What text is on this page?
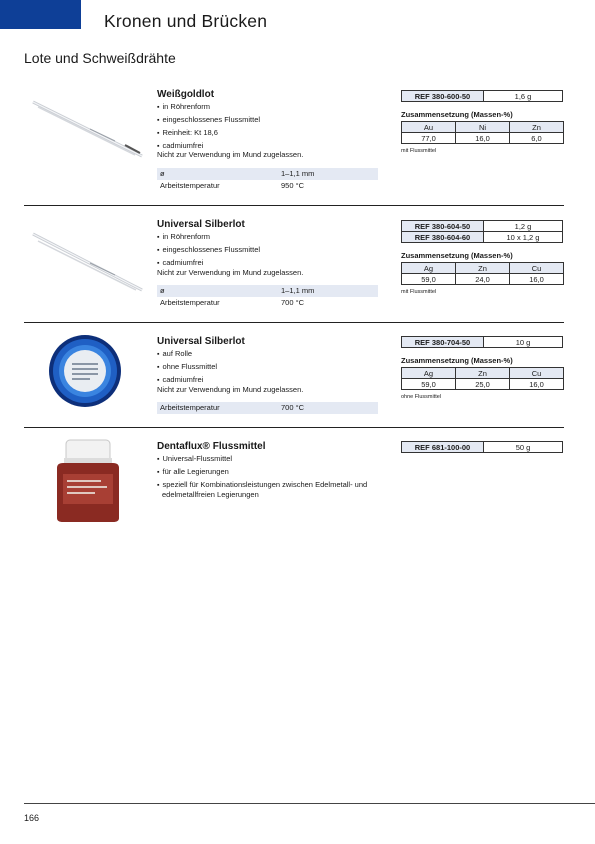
Kronen und Brücken
Lote und Schweißdrähte
Weißgoldlot
▪ in Röhrenform
▪ eingeschlossenes Flussmittel
▪ Reinheit: Kt 18,6
▪ cadmiumfrei
Nicht zur Verwendung im Mund zugelassen.
ø	1–1,1 mm
Arbeitstemperatur	950 °C
REF 380-600-50	1,6 g
Zusammensetzung (Massen-%)
Au	Ni	Zn
77,0	16,0	6,0
mit Flussmittel
Universal Silberlot
▪ in Röhrenform
▪ eingeschlossenes Flussmittel
▪ cadmiumfrei
Nicht zur Verwendung im Mund zugelassen.
ø	1–1,1 mm
Arbeitstemperatur	700 °C
REF 380-604-50	1,2 g
REF 380-604-60	10 x 1,2 g
Zusammensetzung (Massen-%)
Ag	Zn	Cu
59,0	24,0	16,0
mit Flussmittel
Universal Silberlot
▪ auf Rolle
▪ ohne Flussmittel
▪ cadmiumfrei
Nicht zur Verwendung im Mund zugelassen.
Arbeitstemperatur	700 °C
REF 380-704-50	10 g
Zusammensetzung (Massen-%)
Ag	Zn	Cu
59,0	25,0	16,0
ohne Flussmittel
Dentaflux® Flussmittel
▪ Universal-Flussmittel
▪ für alle Legierungen
▪ speziell für Kombinationsleistungen zwischen Edelmetall- und
edelmetallfreien Legierungen
REF 681-100-00	50 g
166
